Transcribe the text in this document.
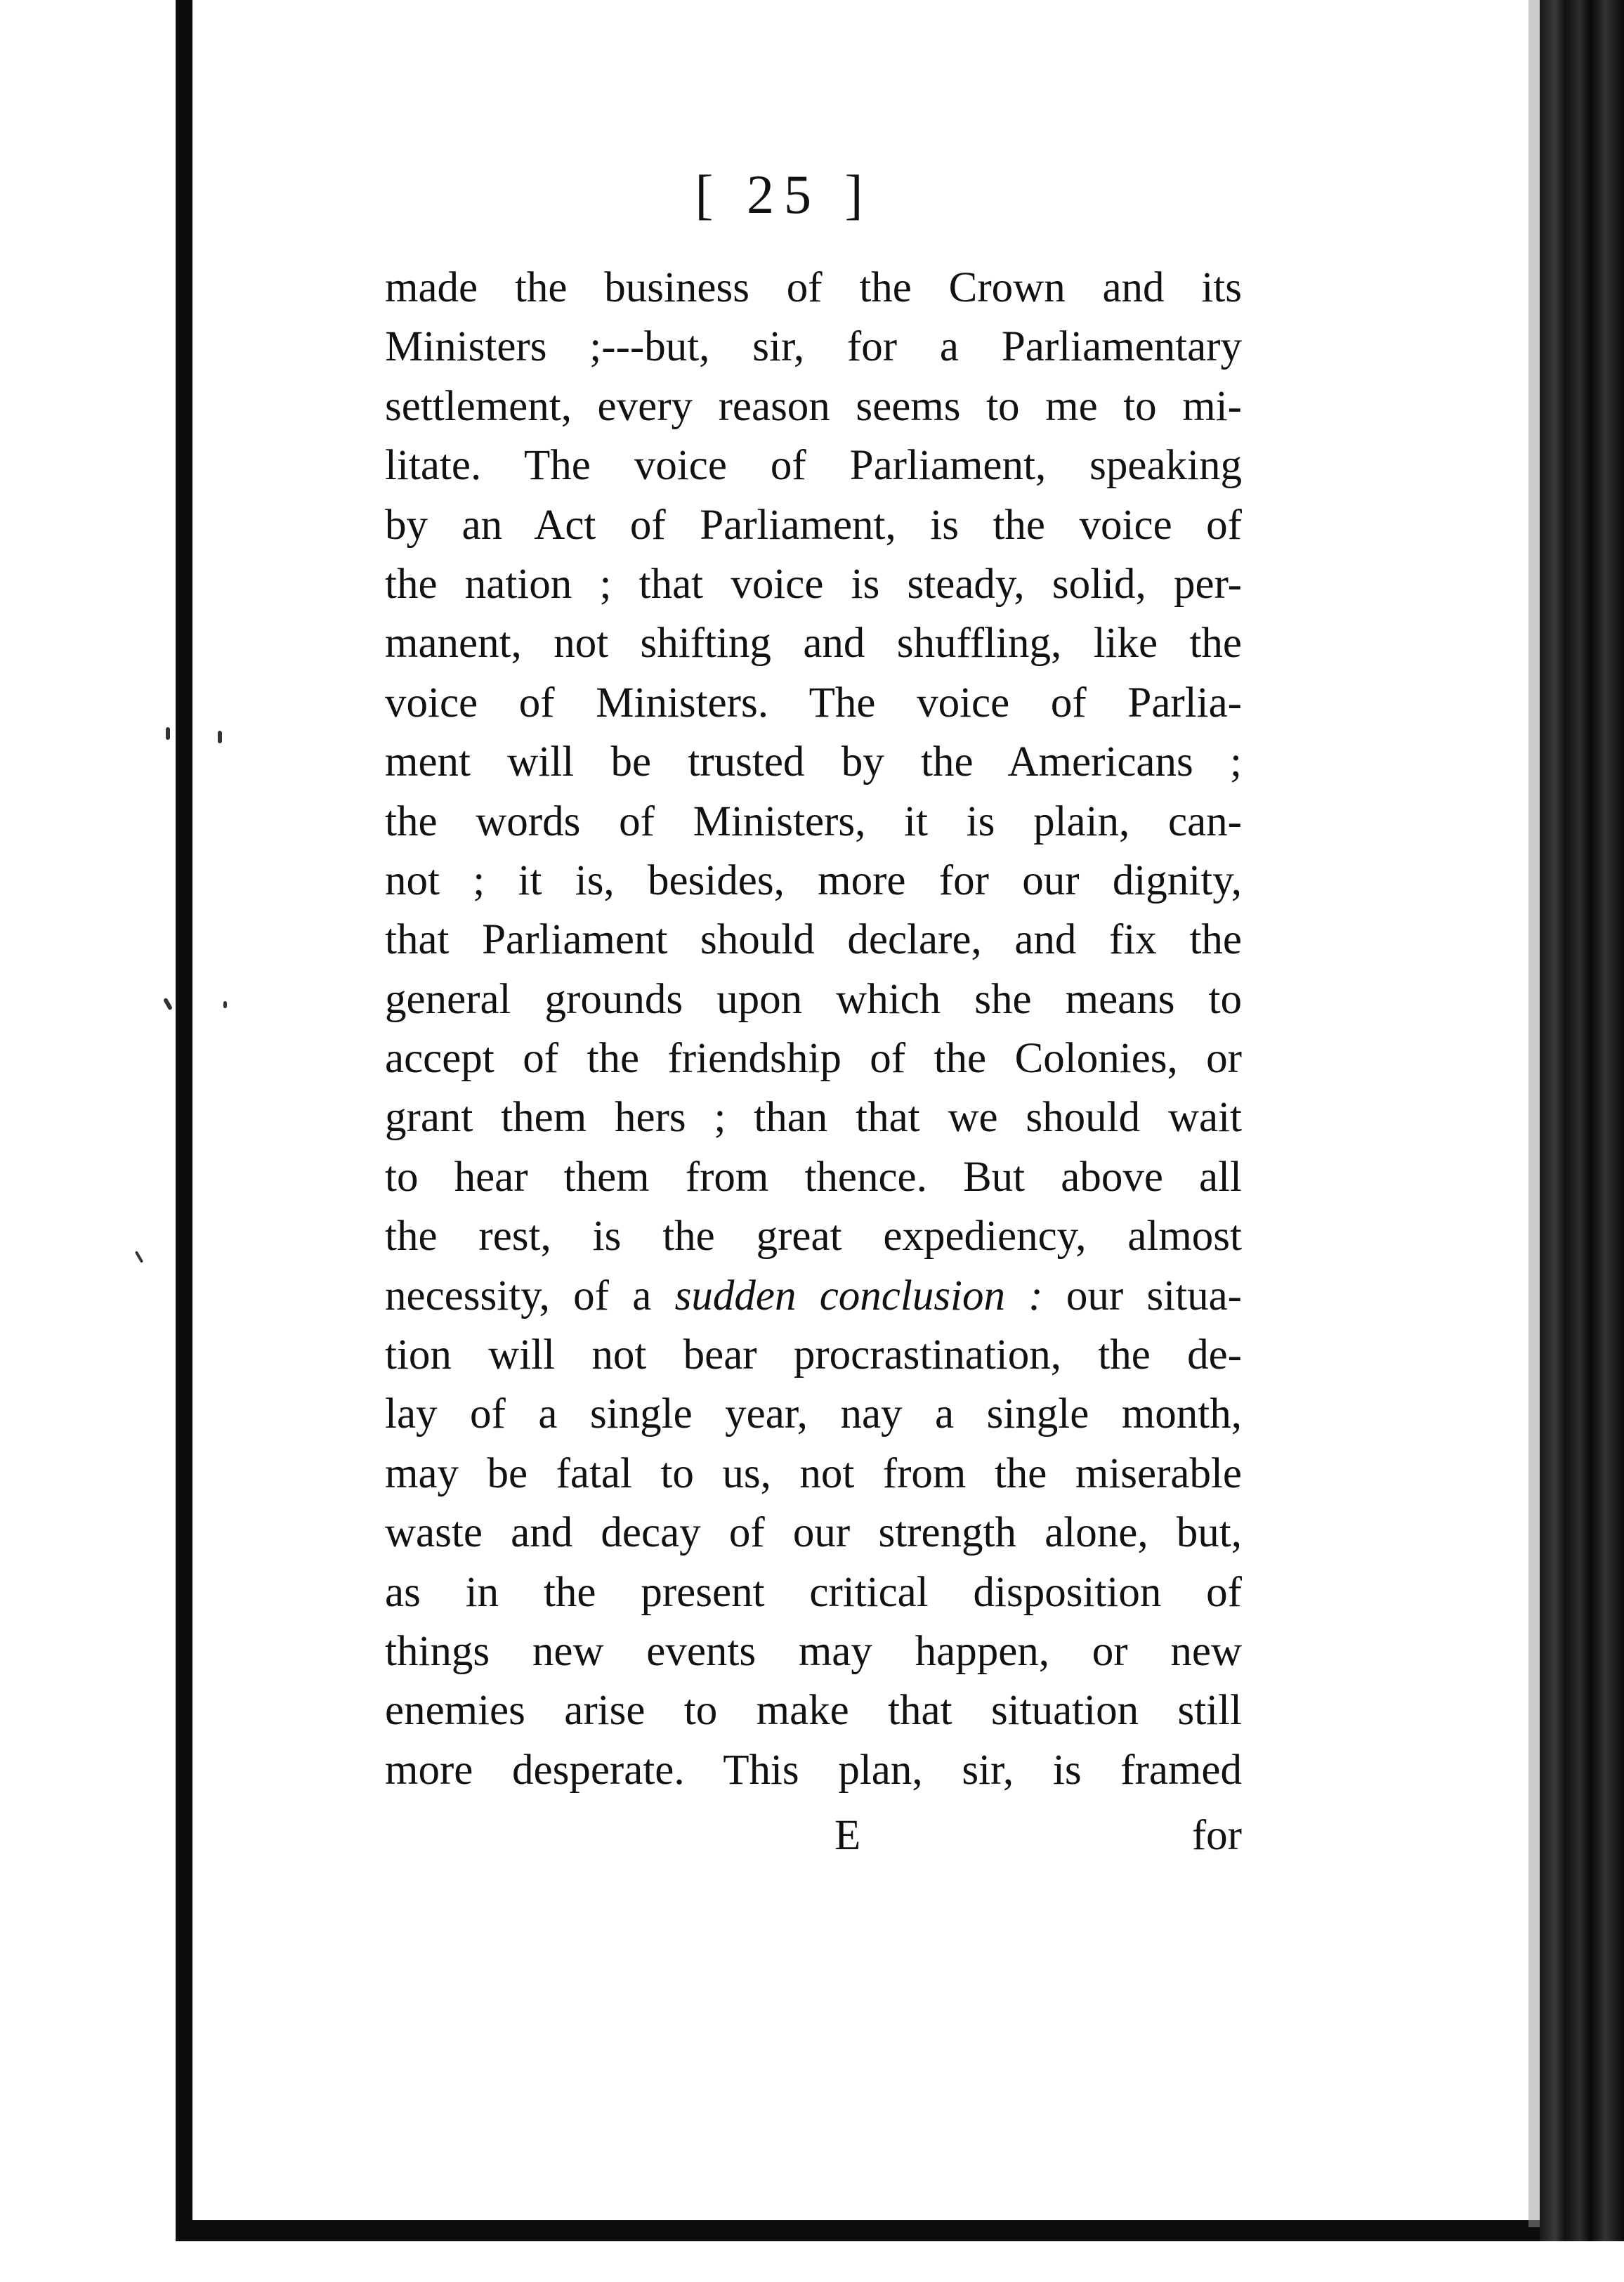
[ 25 ]
made the business of the Crown and its
Ministers ;---but, sir, for a Parliamentary
settlement, every reason seems to me to mi-
litate. The voice of Parliament, speaking
by an Act of Parliament, is the voice of
the nation ; that voice is steady, solid, per-
manent, not shifting and shuffling, like the
voice of Ministers. The voice of Parlia-
ment will be trusted by the Americans ;
the words of Ministers, it is plain, can-
not ; it is, besides, more for our dignity,
that Parliament should declare, and fix the
general grounds upon which she means to
accept of the friendship of the Colonies, or
grant them hers ; than that we should wait
to hear them from thence. But above all
the rest, is the great expediency, almost
necessity, of a sudden conclusion : our situa-
tion will not bear procrastination, the de-
lay of a single year, nay a single month,
may be fatal to us, not from the miserable
waste and decay of our strength alone, but,
as in the present critical disposition of
things new events may happen, or new
enemies arise to make that situation still
more desperate. This plan, sir, is framed
E	for
